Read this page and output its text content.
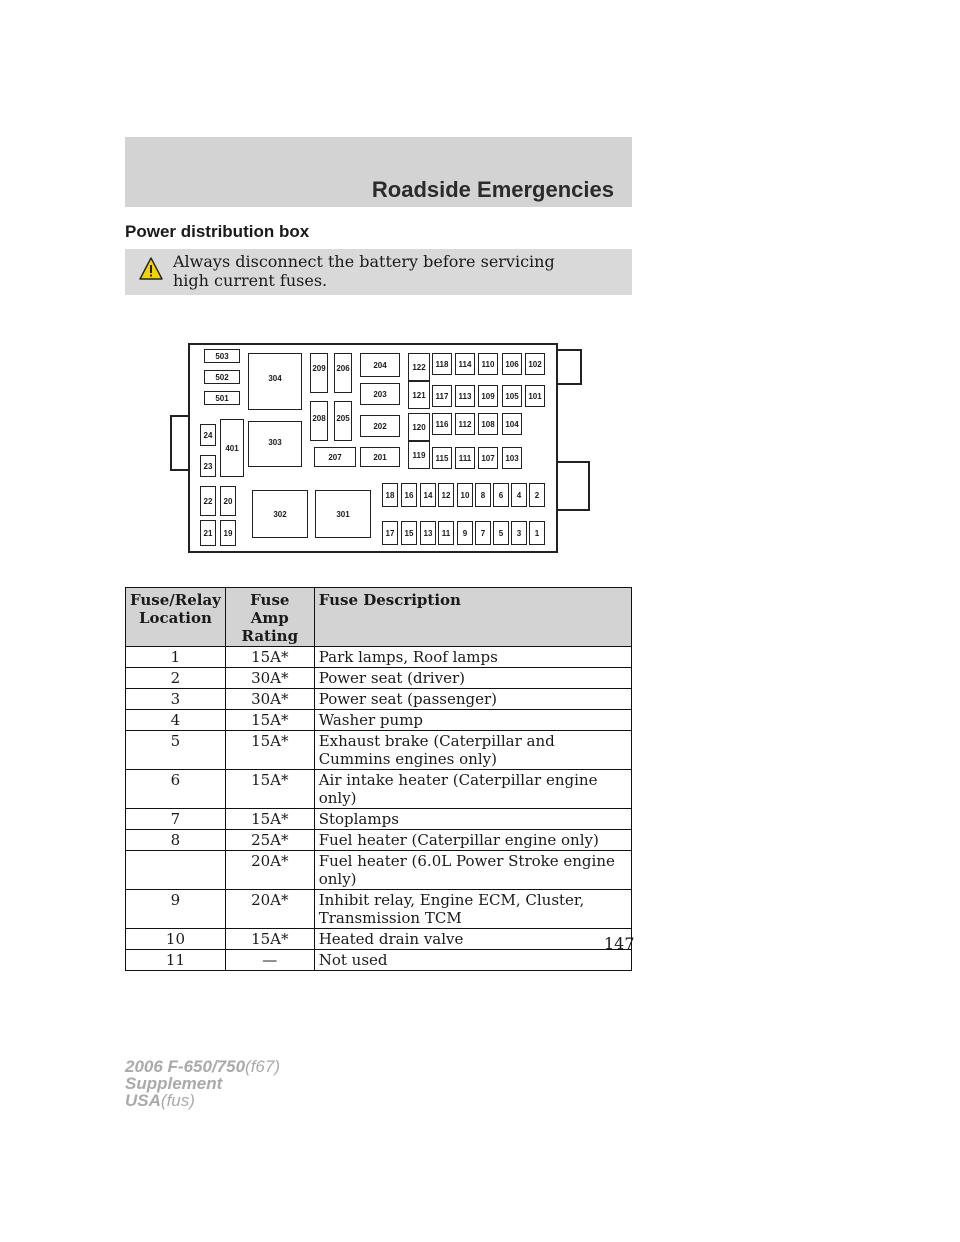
Roadside Emergencies
Power distribution box
Always disconnect the battery before servicing high current fuses.
503
502
501
304
303
302	301
401
24
23
22	20
21	19
209 206
208 205
207
204
203
202
201
122
121
120
119
118	114	110	106	102
117	113	109	105	101
116	112	108	104
115	111	107	103
18	16	14	12	10	8	6	4	2
17	15	13	11	9	7	5	3	1
Fuse/Relay Location	Fuse Amp Rating	Fuse Description
1	15A*	Park lamps, Roof lamps
2	30A*	Power seat (driver)
3	30A*	Power seat (passenger)
4	15A*	Washer pump
5	15A*	Exhaust brake (Caterpillar and Cummins engines only)
6	15A*	Air intake heater (Caterpillar engine only)
7	15A*	Stoplamps
8	25A*	Fuel heater (Caterpillar engine only)
	20A*	Fuel heater (6.0L Power Stroke engine only)
9	20A*	Inhibit relay, Engine ECM, Cluster, Transmission TCM
10	15A*	Heated drain valve
11	—	Not used
147
2006 F-650/750(f67)
Supplement
USA(fus)
